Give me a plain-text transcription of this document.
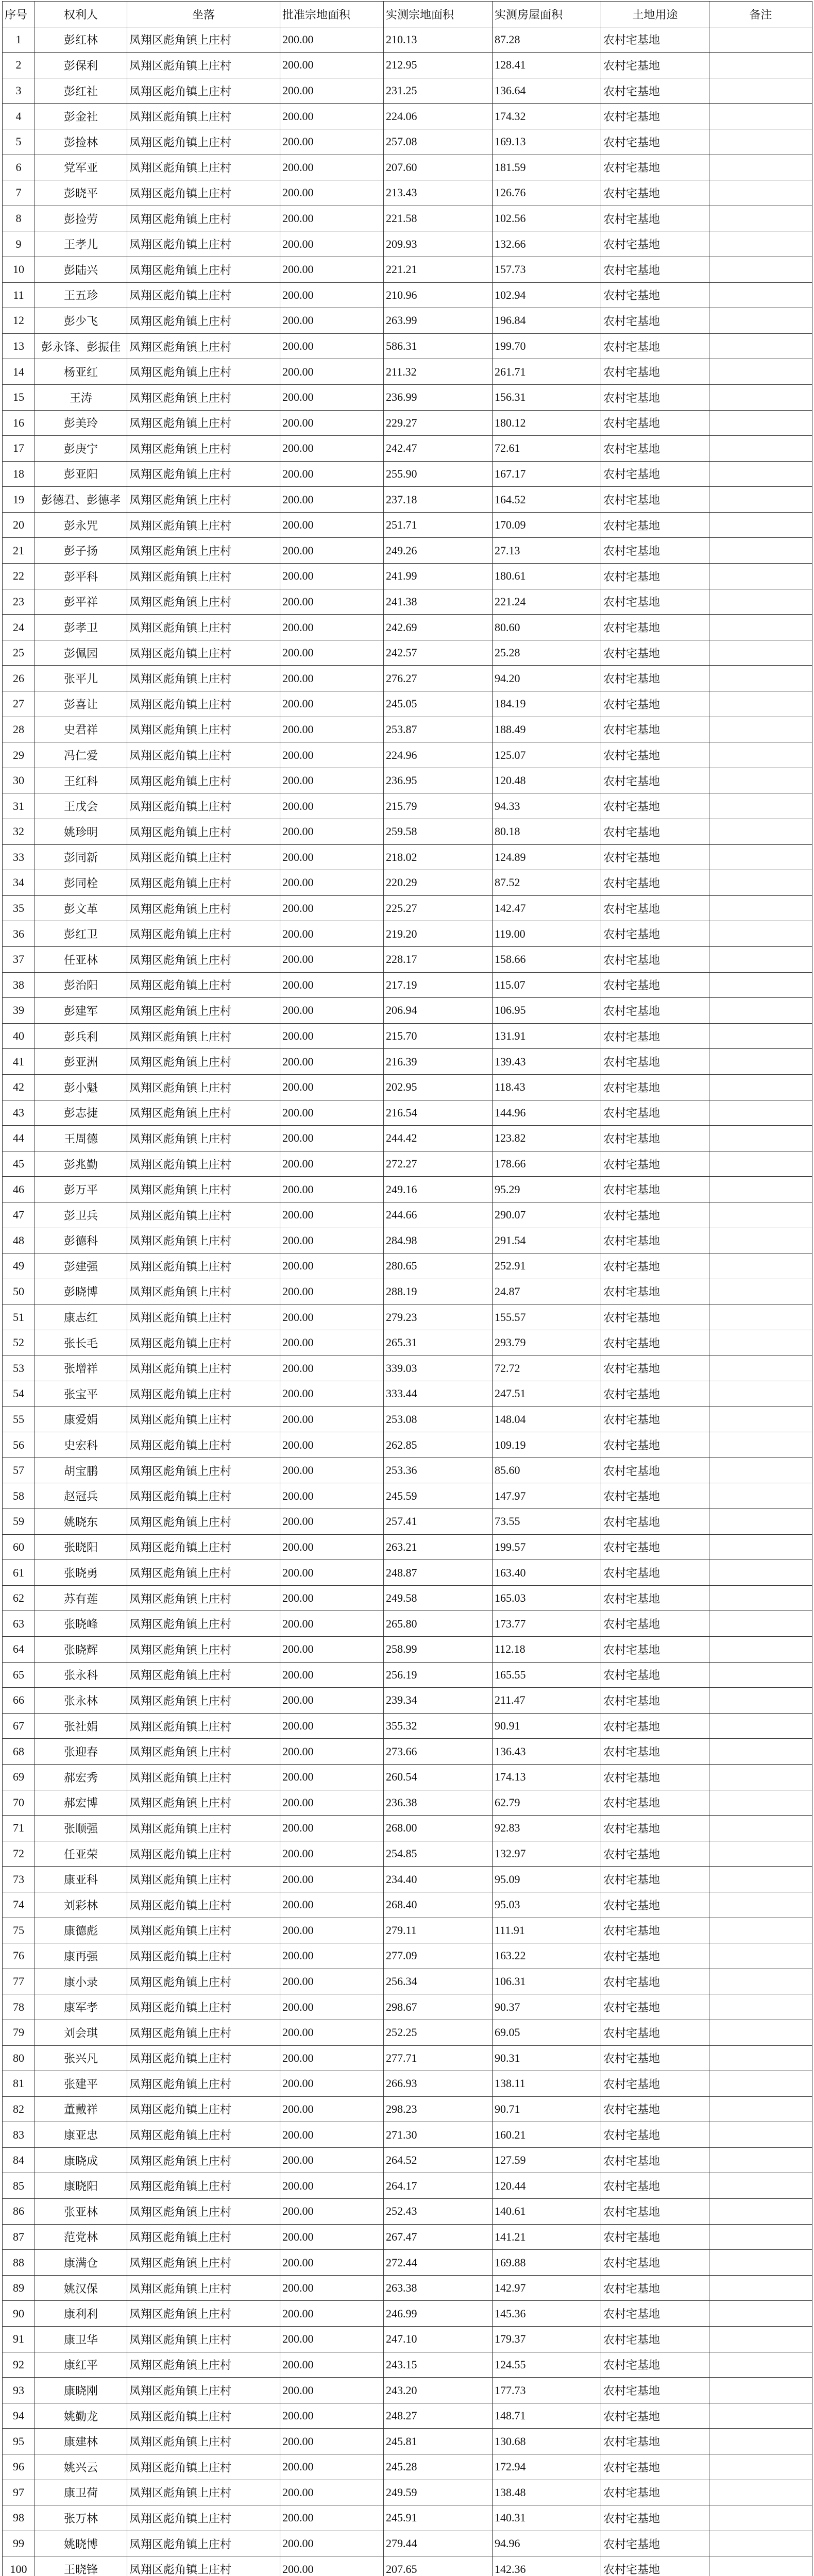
序号	权利人	坐落	批准宗地面积	实测宗地面积	实测房屋面积	土地用途	备注
1	彭红林	凤翔区彪角镇上庄村	200.00	210.13	87.28	农村宅基地	
2	彭保利	凤翔区彪角镇上庄村	200.00	212.95	128.41	农村宅基地	
3	彭红社	凤翔区彪角镇上庄村	200.00	231.25	136.64	农村宅基地	
4	彭金社	凤翔区彪角镇上庄村	200.00	224.06	174.32	农村宅基地	
5	彭捡林	凤翔区彪角镇上庄村	200.00	257.08	169.13	农村宅基地	
6	党军亚	凤翔区彪角镇上庄村	200.00	207.60	181.59	农村宅基地	
7	彭晓平	凤翔区彪角镇上庄村	200.00	213.43	126.76	农村宅基地	
8	彭捡劳	凤翔区彪角镇上庄村	200.00	221.58	102.56	农村宅基地	
9	王孝儿	凤翔区彪角镇上庄村	200.00	209.93	132.66	农村宅基地	
10	彭陆兴	凤翔区彪角镇上庄村	200.00	221.21	157.73	农村宅基地	
11	王五珍	凤翔区彪角镇上庄村	200.00	210.96	102.94	农村宅基地	
12	彭少飞	凤翔区彪角镇上庄村	200.00	263.99	196.84	农村宅基地	
13	彭永锋、彭振佳	凤翔区彪角镇上庄村	200.00	586.31	199.70	农村宅基地	
14	杨亚红	凤翔区彪角镇上庄村	200.00	211.32	261.71	农村宅基地	
15	王涛	凤翔区彪角镇上庄村	200.00	236.99	156.31	农村宅基地	
16	彭美玲	凤翔区彪角镇上庄村	200.00	229.27	180.12	农村宅基地	
17	彭庚宁	凤翔区彪角镇上庄村	200.00	242.47	72.61	农村宅基地	
18	彭亚阳	凤翔区彪角镇上庄村	200.00	255.90	167.17	农村宅基地	
19	彭德君、彭德孝	凤翔区彪角镇上庄村	200.00	237.18	164.52	农村宅基地	
20	彭永咒	凤翔区彪角镇上庄村	200.00	251.71	170.09	农村宅基地	
21	彭子扬	凤翔区彪角镇上庄村	200.00	249.26	27.13	农村宅基地	
22	彭平科	凤翔区彪角镇上庄村	200.00	241.99	180.61	农村宅基地	
23	彭平祥	凤翔区彪角镇上庄村	200.00	241.38	221.24	农村宅基地	
24	彭孝卫	凤翔区彪角镇上庄村	200.00	242.69	80.60	农村宅基地	
25	彭佩园	凤翔区彪角镇上庄村	200.00	242.57	25.28	农村宅基地	
26	张平儿	凤翔区彪角镇上庄村	200.00	276.27	94.20	农村宅基地	
27	彭喜让	凤翔区彪角镇上庄村	200.00	245.05	184.19	农村宅基地	
28	史君祥	凤翔区彪角镇上庄村	200.00	253.87	188.49	农村宅基地	
29	冯仁爱	凤翔区彪角镇上庄村	200.00	224.96	125.07	农村宅基地	
30	王红科	凤翔区彪角镇上庄村	200.00	236.95	120.48	农村宅基地	
31	王戊会	凤翔区彪角镇上庄村	200.00	215.79	94.33	农村宅基地	
32	姚珍明	凤翔区彪角镇上庄村	200.00	259.58	80.18	农村宅基地	
33	彭同新	凤翔区彪角镇上庄村	200.00	218.02	124.89	农村宅基地	
34	彭同栓	凤翔区彪角镇上庄村	200.00	220.29	87.52	农村宅基地	
35	彭文革	凤翔区彪角镇上庄村	200.00	225.27	142.47	农村宅基地	
36	彭红卫	凤翔区彪角镇上庄村	200.00	219.20	119.00	农村宅基地	
37	任亚林	凤翔区彪角镇上庄村	200.00	228.17	158.66	农村宅基地	
38	彭治阳	凤翔区彪角镇上庄村	200.00	217.19	115.07	农村宅基地	
39	彭建军	凤翔区彪角镇上庄村	200.00	206.94	106.95	农村宅基地	
40	彭兵利	凤翔区彪角镇上庄村	200.00	215.70	131.91	农村宅基地	
41	彭亚洲	凤翔区彪角镇上庄村	200.00	216.39	139.43	农村宅基地	
42	彭小魁	凤翔区彪角镇上庄村	200.00	202.95	118.43	农村宅基地	
43	彭志捷	凤翔区彪角镇上庄村	200.00	216.54	144.96	农村宅基地	
44	王周德	凤翔区彪角镇上庄村	200.00	244.42	123.82	农村宅基地	
45	彭兆勤	凤翔区彪角镇上庄村	200.00	272.27	178.66	农村宅基地	
46	彭万平	凤翔区彪角镇上庄村	200.00	249.16	95.29	农村宅基地	
47	彭卫兵	凤翔区彪角镇上庄村	200.00	244.66	290.07	农村宅基地	
48	彭德科	凤翔区彪角镇上庄村	200.00	284.98	291.54	农村宅基地	
49	彭建强	凤翔区彪角镇上庄村	200.00	280.65	252.91	农村宅基地	
50	彭晓博	凤翔区彪角镇上庄村	200.00	288.19	24.87	农村宅基地	
51	康志红	凤翔区彪角镇上庄村	200.00	279.23	155.57	农村宅基地	
52	张长毛	凤翔区彪角镇上庄村	200.00	265.31	293.79	农村宅基地	
53	张增祥	凤翔区彪角镇上庄村	200.00	339.03	72.72	农村宅基地	
54	张宝平	凤翔区彪角镇上庄村	200.00	333.44	247.51	农村宅基地	
55	康爱娟	凤翔区彪角镇上庄村	200.00	253.08	148.04	农村宅基地	
56	史宏科	凤翔区彪角镇上庄村	200.00	262.85	109.19	农村宅基地	
57	胡宝鹏	凤翔区彪角镇上庄村	200.00	253.36	85.60	农村宅基地	
58	赵冠兵	凤翔区彪角镇上庄村	200.00	245.59	147.97	农村宅基地	
59	姚晓东	凤翔区彪角镇上庄村	200.00	257.41	73.55	农村宅基地	
60	张晓阳	凤翔区彪角镇上庄村	200.00	263.21	199.57	农村宅基地	
61	张晓勇	凤翔区彪角镇上庄村	200.00	248.87	163.40	农村宅基地	
62	苏有莲	凤翔区彪角镇上庄村	200.00	249.58	165.03	农村宅基地	
63	张晓峰	凤翔区彪角镇上庄村	200.00	265.80	173.77	农村宅基地	
64	张晓辉	凤翔区彪角镇上庄村	200.00	258.99	112.18	农村宅基地	
65	张永科	凤翔区彪角镇上庄村	200.00	256.19	165.55	农村宅基地	
66	张永林	凤翔区彪角镇上庄村	200.00	239.34	211.47	农村宅基地	
67	张社娟	凤翔区彪角镇上庄村	200.00	355.32	90.91	农村宅基地	
68	张迎春	凤翔区彪角镇上庄村	200.00	273.66	136.43	农村宅基地	
69	郝宏秀	凤翔区彪角镇上庄村	200.00	260.54	174.13	农村宅基地	
70	郝宏博	凤翔区彪角镇上庄村	200.00	236.38	62.79	农村宅基地	
71	张顺强	凤翔区彪角镇上庄村	200.00	268.00	92.83	农村宅基地	
72	任亚荣	凤翔区彪角镇上庄村	200.00	254.85	132.97	农村宅基地	
73	康亚科	凤翔区彪角镇上庄村	200.00	234.40	95.09	农村宅基地	
74	刘彩林	凤翔区彪角镇上庄村	200.00	268.40	95.03	农村宅基地	
75	康德彪	凤翔区彪角镇上庄村	200.00	279.11	111.91	农村宅基地	
76	康再强	凤翔区彪角镇上庄村	200.00	277.09	163.22	农村宅基地	
77	康小录	凤翔区彪角镇上庄村	200.00	256.34	106.31	农村宅基地	
78	康军孝	凤翔区彪角镇上庄村	200.00	298.67	90.37	农村宅基地	
79	刘会琪	凤翔区彪角镇上庄村	200.00	252.25	69.05	农村宅基地	
80	张兴凡	凤翔区彪角镇上庄村	200.00	277.71	90.31	农村宅基地	
81	张建平	凤翔区彪角镇上庄村	200.00	266.93	138.11	农村宅基地	
82	董戴祥	凤翔区彪角镇上庄村	200.00	298.23	90.71	农村宅基地	
83	康亚忠	凤翔区彪角镇上庄村	200.00	271.30	160.21	农村宅基地	
84	康晓成	凤翔区彪角镇上庄村	200.00	264.52	127.59	农村宅基地	
85	康晓阳	凤翔区彪角镇上庄村	200.00	264.17	120.44	农村宅基地	
86	张亚林	凤翔区彪角镇上庄村	200.00	252.43	140.61	农村宅基地	
87	范党林	凤翔区彪角镇上庄村	200.00	267.47	141.21	农村宅基地	
88	康满仓	凤翔区彪角镇上庄村	200.00	272.44	169.88	农村宅基地	
89	姚汉保	凤翔区彪角镇上庄村	200.00	263.38	142.97	农村宅基地	
90	康利利	凤翔区彪角镇上庄村	200.00	246.99	145.36	农村宅基地	
91	康卫华	凤翔区彪角镇上庄村	200.00	247.10	179.37	农村宅基地	
92	康红平	凤翔区彪角镇上庄村	200.00	243.15	124.55	农村宅基地	
93	康晓刚	凤翔区彪角镇上庄村	200.00	243.20	177.73	农村宅基地	
94	姚勤龙	凤翔区彪角镇上庄村	200.00	248.27	148.71	农村宅基地	
95	康建林	凤翔区彪角镇上庄村	200.00	245.81	130.68	农村宅基地	
96	姚兴云	凤翔区彪角镇上庄村	200.00	245.28	172.94	农村宅基地	
97	康卫荷	凤翔区彪角镇上庄村	200.00	249.59	138.48	农村宅基地	
98	张万林	凤翔区彪角镇上庄村	200.00	245.91	140.31	农村宅基地	
99	姚晓博	凤翔区彪角镇上庄村	200.00	279.44	94.96	农村宅基地	
100	王晓锋	凤翔区彪角镇上庄村	200.00	207.65	142.36	农村宅基地	
